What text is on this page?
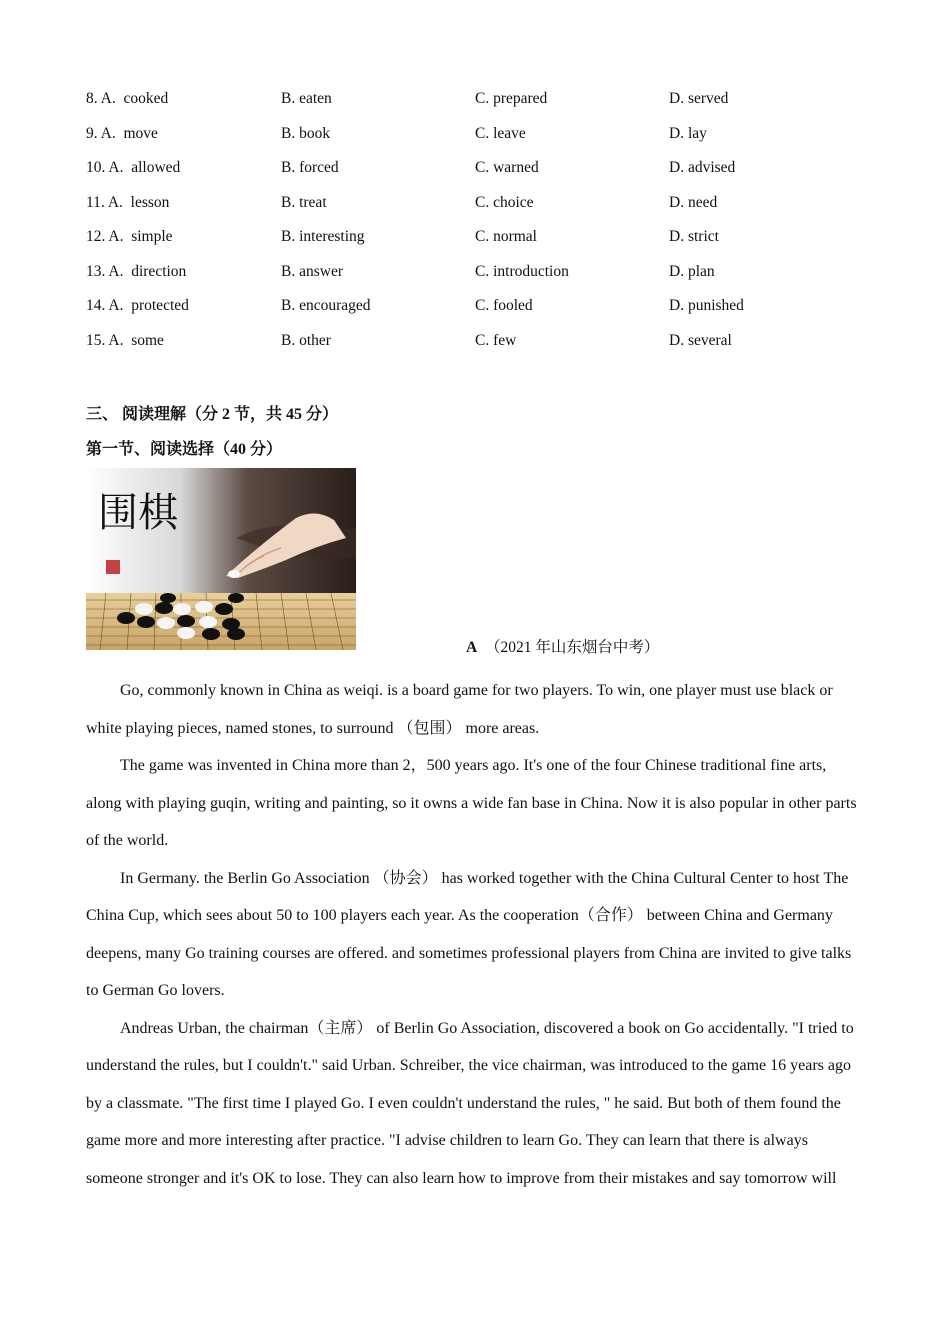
8. A. cooked	B. eaten	C. prepared	D. served
9. A. move	B. book	C. leave	D. lay
10. A. allowed	B. forced	C. warned	D. advised
11. A. lesson	B. treat	C. choice	D. need
12. A. simple	B. interesting	C. normal	D. strict
13. A. direction	B. answer	C. introduction	D. plan
14. A. protected	B. encouraged	C. fooled	D. punished
15. A. some	B. other	C. few	D. several
三、 阅读理解（分 2 节，共 45 分）
第一节、阅读选择（40 分）
围棋
A （2021 年山东烟台中考）

Go, commonly known in China as weiqi. is a board game for two players. To win, one player must use black or white playing pieces, named stones, to surround （包围） more areas.

The game was invented in China more than 2，500 years ago. It's one of the four Chinese traditional fine arts, along with playing guqin, writing and painting, so it owns a wide fan base in China. Now it is also popular in other parts of the world.

In Germany. the Berlin Go Association （协会） has worked together with the China Cultural Center to host The China Cup, which sees about 50 to 100 players each year. As the cooperation（合作） between China and Germany deepens, many Go training courses are offered. and sometimes professional players from China are invited to give talks to German Go lovers.

Andreas Urban, the chairman（主席） of Berlin Go Association, discovered a book on Go accidentally. "I tried to understand the rules, but I couldn't." said Urban. Schreiber, the vice chairman, was introduced to the game 16 years ago by a classmate. "The first time I played Go. I even couldn't understand the rules, " he said. But both of them found the game more and more interesting after practice. "I advise children to learn Go. They can learn that there is always someone stronger and it's OK to lose. They can also learn how to improve from their mistakes and say tomorrow will
